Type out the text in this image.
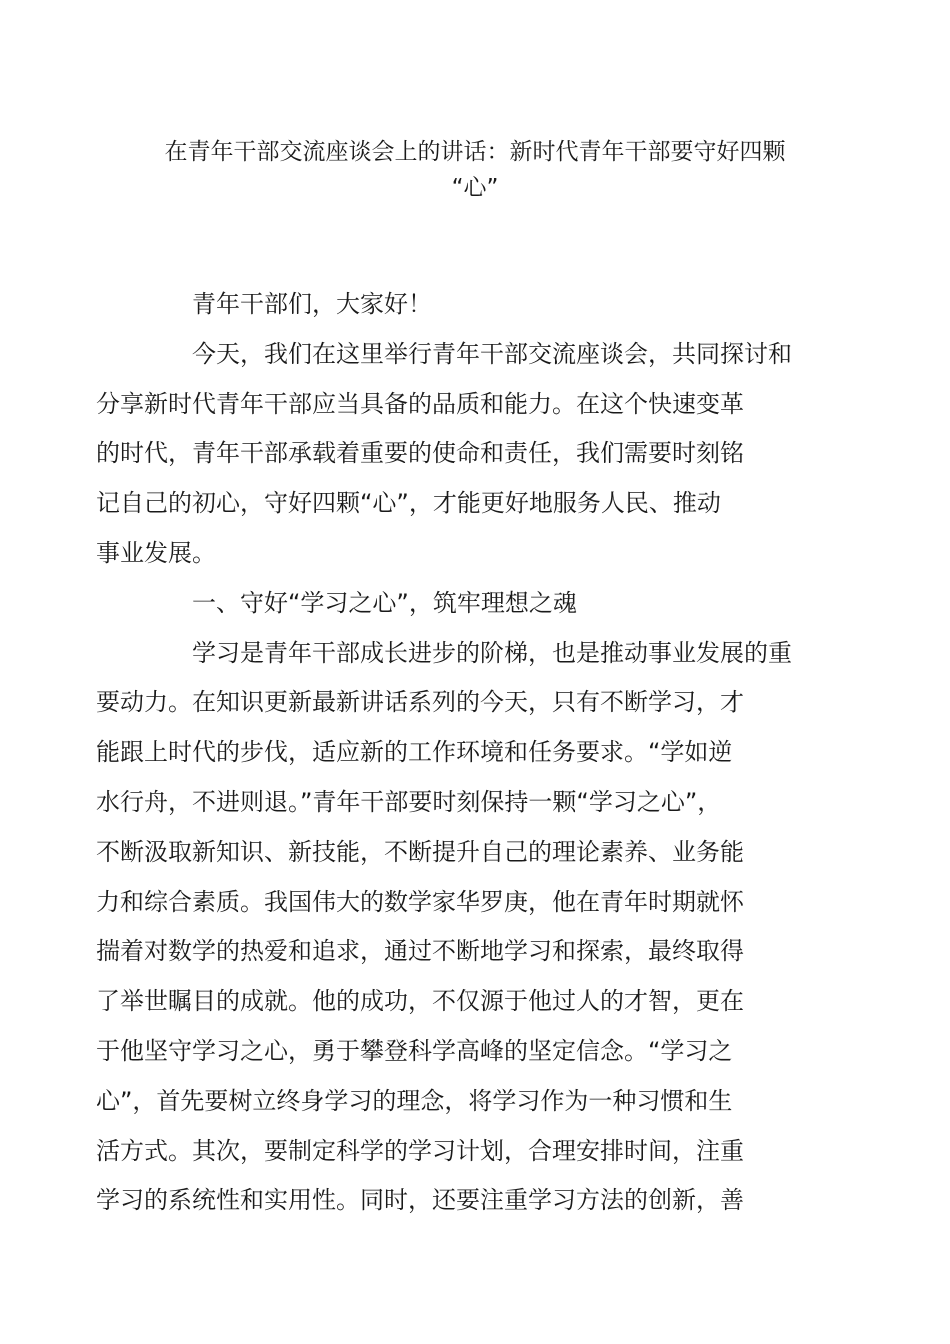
在青年干部交流座谈会上的讲话：新时代青年干部要守好四颗
“心”

青年干部们，大家好！

今天，我们在这里举行青年干部交流座谈会，共同探讨和
分享新时代青年干部应当具备的品质和能力。在这个快速变革
的时代，青年干部承载着重要的使命和责任，我们需要时刻铭
记自己的初心，守好四颗“心”，才能更好地服务人民、推动
事业发展。

一、守好“学习之心”，筑牢理想之魂

学习是青年干部成长进步的阶梯，也是推动事业发展的重
要动力。在知识更新最新讲话系列的今天，只有不断学习，才
能跟上时代的步伐，适应新的工作环境和任务要求。“学如逆
水行舟，不进则退。”青年干部要时刻保持一颗“学习之心”，
不断汲取新知识、新技能，不断提升自己的理论素养、业务能
力和综合素质。我国伟大的数学家华罗庚，他在青年时期就怀
揣着对数学的热爱和追求，通过不断地学习和探索，最终取得
了举世瞩目的成就。他的成功，不仅源于他过人的才智，更在
于他坚守学习之心，勇于攀登科学高峰的坚定信念。“学习之
心”，首先要树立终身学习的理念，将学习作为一种习惯和生
活方式。其次，要制定科学的学习计划，合理安排时间，注重
学习的系统性和实用性。同时，还要注重学习方法的创新，善
